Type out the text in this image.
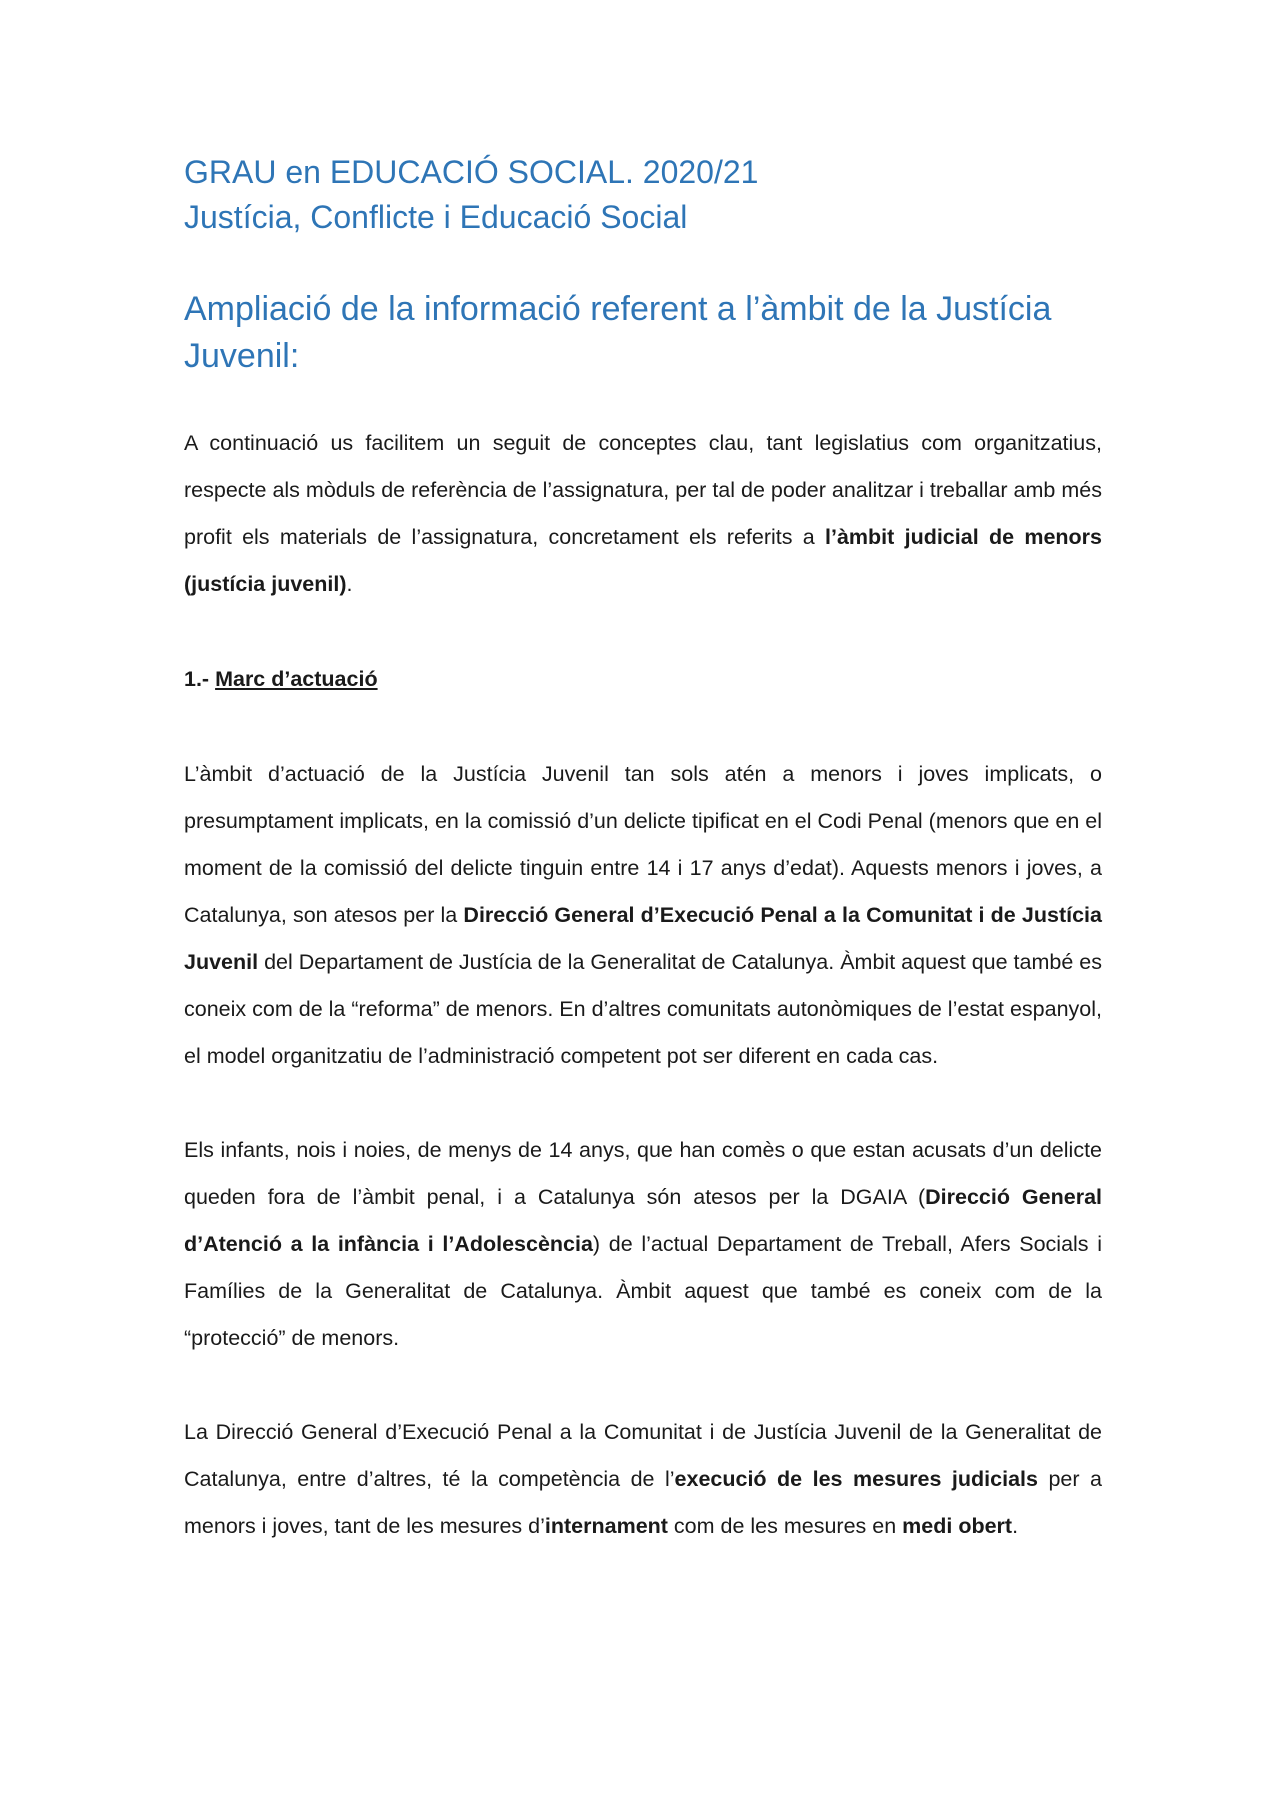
GRAU en EDUCACIÓ SOCIAL. 2020/21
Justícia, Conflicte i Educació Social
Ampliació de la informació referent a l’àmbit de la Justícia Juvenil:

A continuació us facilitem un seguit de conceptes clau, tant legislatius com organitzatius, respecte als mòduls de referència de l’assignatura, per tal de poder analitzar i treballar amb més profit els materials de l’assignatura, concretament els referits a l’àmbit judicial de menors (justícia juvenil).

1.- Marc d’actuació

L’àmbit d’actuació de la Justícia Juvenil tan sols atén a menors i joves implicats, o presumptament implicats, en la comissió d’un delicte tipificat en el Codi Penal (menors que en el moment de la comissió del delicte tinguin entre 14 i 17 anys d’edat). Aquests menors i joves, a Catalunya, son atesos per la Direcció General d’Execució Penal a la Comunitat i de Justícia Juvenil del Departament de Justícia de la Generalitat de Catalunya. Àmbit aquest que també es coneix com de la “reforma” de menors. En d’altres comunitats autonòmiques de l’estat espanyol, el model organitzatiu de l’administració competent pot ser diferent en cada cas.

Els infants, nois i noies, de menys de 14 anys, que han comès o que estan acusats d’un delicte queden fora de l’àmbit penal, i a Catalunya són atesos per la DGAIA (Direcció General d’Atenció a la infància i l’Adolescència) de l’actual Departament de Treball, Afers Socials i Famílies de la Generalitat de Catalunya. Àmbit aquest que també es coneix com de la “protecció” de menors.

La Direcció General d’Execució Penal a la Comunitat i de Justícia Juvenil de la Generalitat de Catalunya, entre d’altres, té la competència de l’execució de les mesures judicials per a menors i joves, tant de les mesures d’internament com de les mesures en medi obert.
